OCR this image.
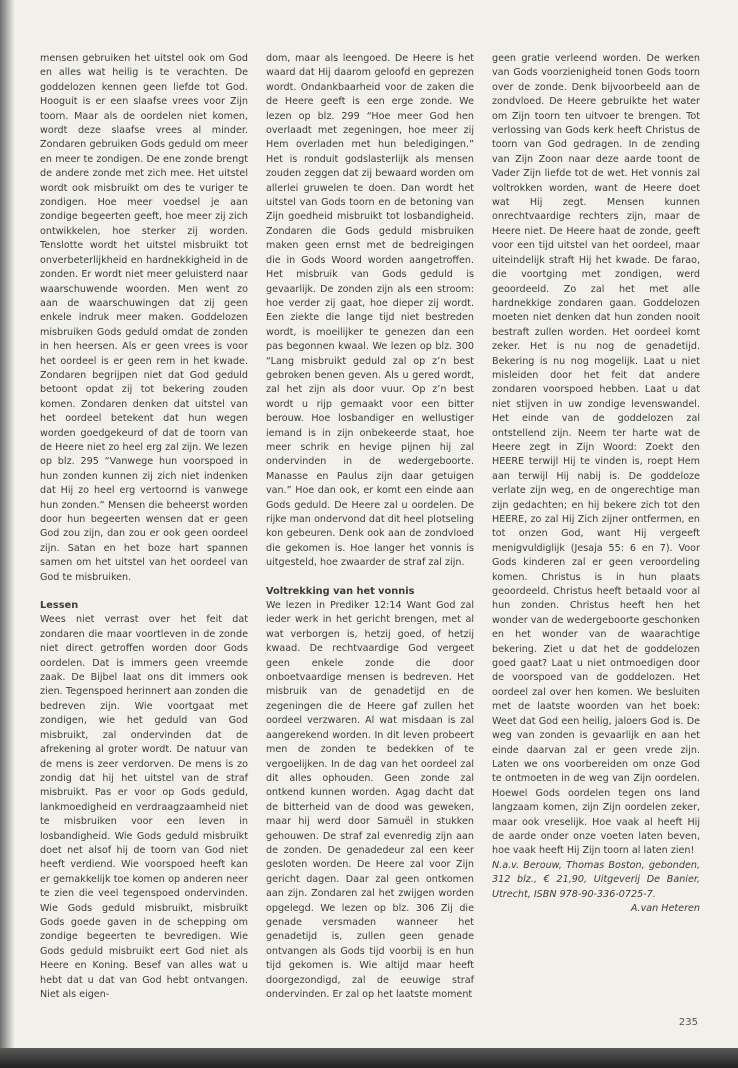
mensen gebruiken het uitstel ook om God en alles wat heilig is te verachten. De goddelozen kennen geen liefde tot God. Hooguit is er een slaafse vrees voor Zijn toorn. Maar als de oordelen niet komen, wordt deze slaafse vrees al minder. Zondaren gebruiken Gods geduld om meer en meer te zondigen. De ene zonde brengt de andere zonde met zich mee. Het uitstel wordt ook misbruikt om des te vuriger te zondigen. Hoe meer voedsel je aan zondige begeerten geeft, hoe meer zij zich ontwikkelen, hoe sterker zij worden. Tenslotte wordt het uitstel misbruikt tot onverbeterlijkheid en hardnekkigheid in de zonden. Er wordt niet meer geluisterd naar waarschuwende woorden. Men went zo aan de waarschuwingen dat zij geen enkele indruk meer maken. Goddelozen misbruiken Gods geduld omdat de zonden in hen heersen. Als er geen vrees is voor het oordeel is er geen rem in het kwade. Zondaren begrijpen niet dat God geduld betoont opdat zij tot bekering zouden komen. Zondaren denken dat uitstel van het oordeel betekent dat hun wegen worden goedgekeurd of dat de toorn van de Heere niet zo heel erg zal zijn. We lezen op blz. 295 “Vanwege hun voorspoed in hun zonden kunnen zij zich niet indenken dat Hij zo heel erg vertoornd is vanwege hun zonden.” Mensen die beheerst worden door hun begeerten wensen dat er geen God zou zijn, dan zou er ook geen oordeel zijn. Satan en het boze hart spannen samen om het uitstel van het oordeel van God te misbruiken.

Lessen

Wees niet verrast over het feit dat zondaren die maar voortleven in de zonde niet direct getroffen worden door Gods oordelen. Dat is immers geen vreemde zaak. De Bijbel laat ons dit immers ook zien. Tegenspoed herinnert aan zonden die bedreven zijn. Wie voortgaat met zondigen, wie het geduld van God misbruikt, zal ondervinden dat de afrekening al groter wordt. De natuur van de mens is zeer verdorven. De mens is zo zondig dat hij het uitstel van de straf misbruikt. Pas er voor op Gods geduld, lankmoedigheid en verdraagzaamheid niet te misbruiken voor een leven in losbandigheid. Wie Gods geduld misbruikt doet net alsof hij de toorn van God niet heeft verdiend. Wie voorspoed heeft kan er gemakkelijk toe komen op anderen neer te zien die veel tegenspoed ondervinden. Wie Gods geduld misbruikt, misbruikt Gods goede gaven in de schepping om zondige begeerten te bevredigen. Wie Gods geduld misbruikt eert God niet als Heere en Koning. Besef van alles wat u hebt dat u dat van God hebt ontvangen. Niet als eigen-

dom, maar als leengoed. De Heere is het waard dat Hij daarom geloofd en geprezen wordt. Ondankbaarheid voor de zaken die de Heere geeft is een erge zonde. We lezen op blz. 299 “Hoe meer God hen overlaadt met zegeningen, hoe meer zij Hem overladen met hun beledigingen.” Het is ronduit godslasterlijk als mensen zouden zeggen dat zij bewaard worden om allerlei gruwelen te doen. Dan wordt het uitstel van Gods toorn en de betoning van Zijn goedheid misbruikt tot losbandigheid. Zondaren die Gods geduld misbruiken maken geen ernst met de bedreigingen die in Gods Woord worden aangetroffen. Het misbruik van Gods geduld is gevaarlijk. De zonden zijn als een stroom: hoe verder zij gaat, hoe dieper zij wordt. Een ziekte die lange tijd niet bestreden wordt, is moeilijker te genezen dan een pas begonnen kwaal. We lezen op blz. 300 “Lang misbruikt geduld zal op z’n best gebroken benen geven. Als u gered wordt, zal het zijn als door vuur. Op z’n best wordt u rijp gemaakt voor een bitter berouw. Hoe losbandiger en wellustiger iemand is in zijn onbekeerde staat, hoe meer schrik en hevige pijnen hij zal ondervinden in de wedergeboorte. Manasse en Paulus zijn daar getuigen van.” Hoe dan ook, er komt een einde aan Gods geduld. De Heere zal u oordelen. De rijke man ondervond dat dit heel plotseling kon gebeuren. Denk ook aan de zondvloed die gekomen is. Hoe langer het vonnis is uitgesteld, hoe zwaarder de straf zal zijn.

Voltrekking van het vonnis

We lezen in Prediker 12:14 Want God zal ieder werk in het gericht brengen, met al wat verborgen is, hetzij goed, of hetzij kwaad. De rechtvaardige God vergeet geen enkele zonde die door onboetvaardige mensen is bedreven. Het misbruik van de genadetijd en de zegeningen die de Heere gaf zullen het oordeel verzwaren. Al wat misdaan is zal aangerekend worden. In dit leven probeert men de zonden te bedekken of te vergoelijken. In de dag van het oordeel zal dit alles ophouden. Geen zonde zal ontkend kunnen worden. Agag dacht dat de bitterheid van de dood was geweken, maar hij werd door Samuël in stukken gehouwen. De straf zal evenredig zijn aan de zonden. De genadedeur zal een keer gesloten worden. De Heere zal voor Zijn gericht dagen. Daar zal geen ontkomen aan zijn. Zondaren zal het zwijgen worden opgelegd. We lezen op blz. 306 Zij die genade versmaden wanneer het genadetijd is, zullen geen genade ontvangen als Gods tijd voorbij is en hun tijd gekomen is. Wie altijd maar heeft doorgezondigd, zal de eeuwige straf ondervinden. Er zal op het laatste moment

geen gratie verleend worden. De werken van Gods voorzienigheid tonen Gods toorn over de zonde. Denk bijvoorbeeld aan de zondvloed. De Heere gebruikte het water om Zijn toorn ten uitvoer te brengen. Tot verlossing van Gods kerk heeft Christus de toorn van God gedragen. In de zending van Zijn Zoon naar deze aarde toont de Vader Zijn liefde tot de wet. Het vonnis zal voltrokken worden, want de Heere doet wat Hij zegt. Mensen kunnen onrechtvaardige rechters zijn, maar de Heere niet. De Heere haat de zonde, geeft voor een tijd uitstel van het oordeel, maar uiteindelijk straft Hij het kwade. De farao, die voortging met zondigen, werd geoordeeld. Zo zal het met alle hardnekkige zondaren gaan. Goddelozen moeten niet denken dat hun zonden nooit bestraft zullen worden. Het oordeel komt zeker. Het is nu nog de genadetijd. Bekering is nu nog mogelijk. Laat u niet misleiden door het feit dat andere zondaren voorspoed hebben. Laat u dat niet stijven in uw zondige levenswandel. Het einde van de goddelozen zal ontstellend zijn. Neem ter harte wat de Heere zegt in Zijn Woord: Zoekt den HEERE terwijl Hij te vinden is, roept Hem aan terwijl Hij nabij is. De goddeloze verlate zijn weg, en de ongerechtige man zijn gedachten; en hij bekere zich tot den HEERE, zo zal Hij Zich zijner ontfermen, en tot onzen God, want Hij vergeeft menigvuldiglijk (Jesaja 55: 6 en 7). Voor Gods kinderen zal er geen veroordeling komen. Christus is in hun plaats geoordeeld. Christus heeft betaald voor al hun zonden. Christus heeft hen het wonder van de wedergeboorte geschonken en het wonder van de waarachtige bekering. Ziet u dat het de goddelozen goed gaat? Laat u niet ontmoedigen door de voorspoed van de goddelozen. Het oordeel zal over hen komen. We besluiten met de laatste woorden van het boek: Weet dat God een heilig, jaloers God is. De weg van zonden is gevaarlijk en aan het einde daarvan zal er geen vrede zijn. Laten we ons voorbereiden om onze God te ontmoeten in de weg van Zijn oordelen. Hoewel Gods oordelen tegen ons land langzaam komen, zijn Zijn oordelen zeker, maar ook vreselijk. Hoe vaak al heeft Hij de aarde onder onze voeten laten beven, hoe vaak heeft Hij Zijn toorn al laten zien!

N.a.v. Berouw, Thomas Boston, gebonden, 312 blz., € 21,90, Uitgeverij De Banier, Utrecht, ISBN 978-90-336-0725-7.

A.van Heteren

235
